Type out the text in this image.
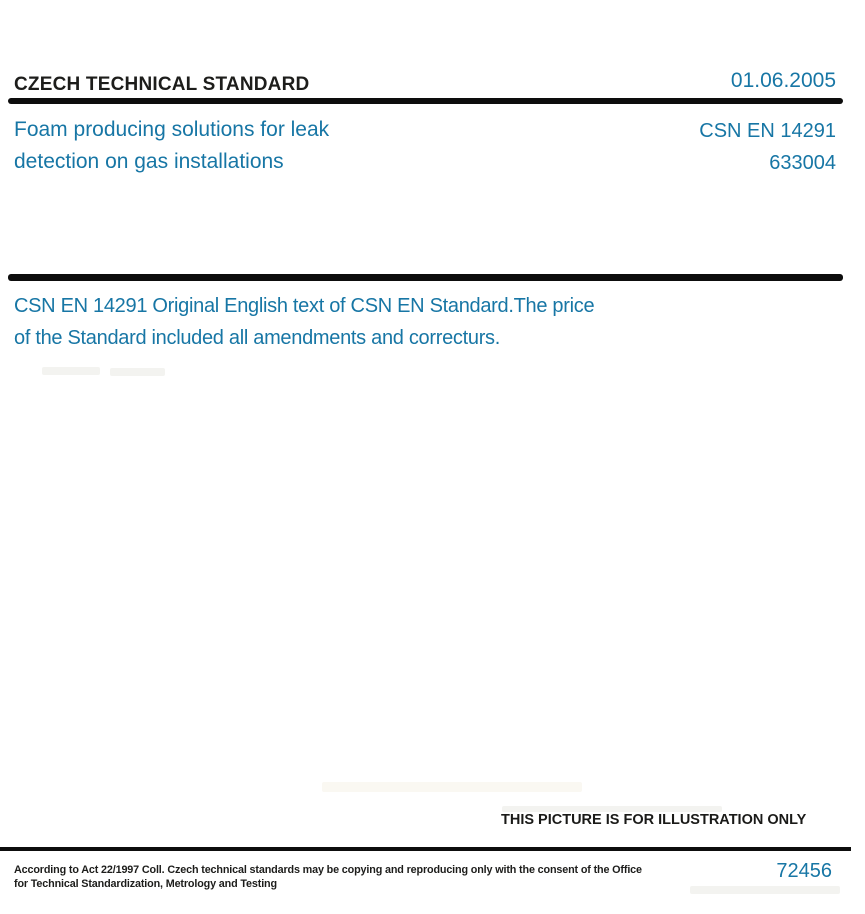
CZECH TECHNICAL STANDARD	01.06.2005
Foam producing solutions for leak
detection on gas installations
CSN EN 14291
633004
CSN EN 14291 Original English text of CSN EN Standard.The price
of the Standard included all amendments and correcturs.
THIS PICTURE IS FOR ILLUSTRATION ONLY
According to Act 22/1997 Coll. Czech technical standards may be copying and reproducing only with the consent of the Office
for Technical Standardization, Metrology and Testing
72456
